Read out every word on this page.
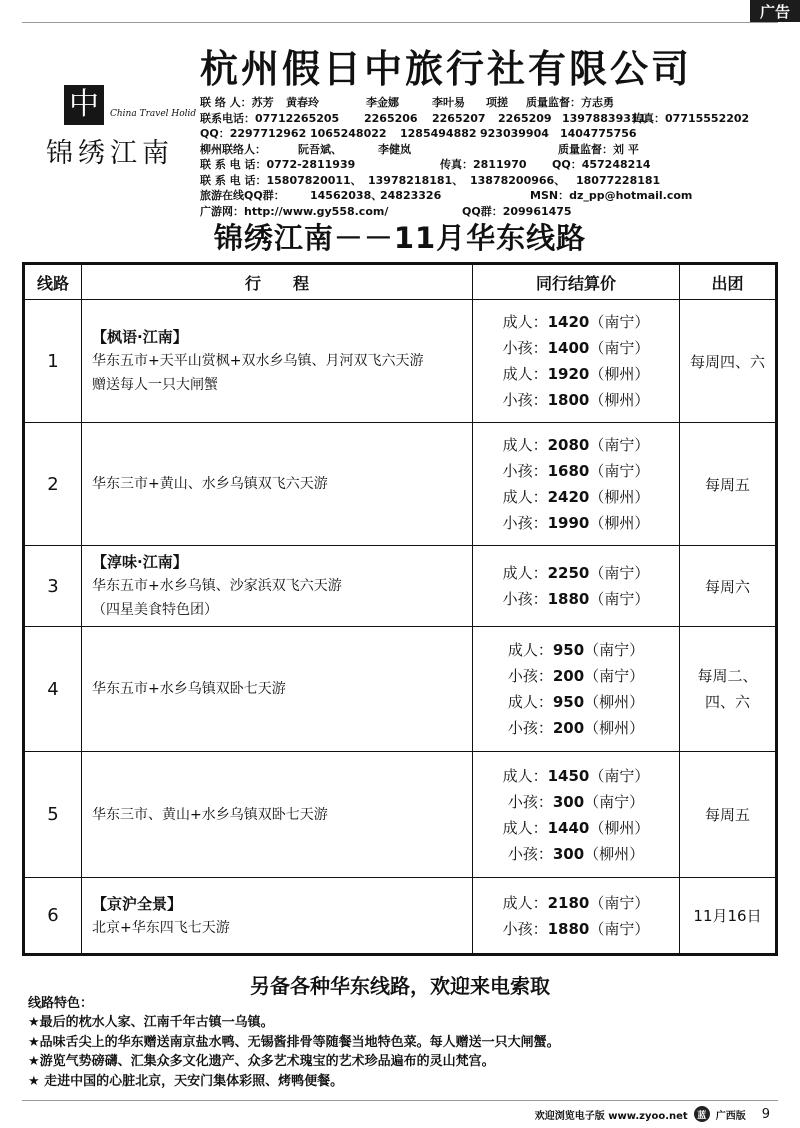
广告
中	China Travel Holid
锦绣江南
杭州假日中旅行社有限公司
联 络 人：苏芳 黄春玲	李金娜	李叶易 项搓 质量监督：方志勇
联系电话：07712265205 2265206 2265207 2265209 13978839311
传真：07715552202
QQ：2297712962 1065248022 1285494882 923039904 1404775756
柳州联络人：	阮吾斌、	李健岚	质量监督：刘 平
联 系 电 话：0772-2811939	传真：2811970 QQ：457248214
联 系 电 话：15807820011、 13978218181、 13878200966、 18077228181
旅游在线QQ群： 14562038、
24823326	MSN：dz_pp@hotmail.com
广游网：http://www.gy558.com/	QQ群：209961475
锦绣江南－－11月华东线路
线路	行　　程	同行结算价	出团
1	【枫语·江南】
华东五市+天平山赏枫+双水乡乌镇、月河双飞六天游
赠送每人一只大闸蟹	成人：1420（南宁）
小孩：1400（南宁）
成人：1920（柳州）
小孩：1800（柳州）	每周四、六
2	华东三市+黄山、水乡乌镇双飞六天游	成人：2080（南宁）
小孩：1680（南宁）
成人：2420（柳州）
小孩：1990（柳州）	每周五
3	【淳味·江南】
华东五市+水乡乌镇、沙家浜双飞六天游
（四星美食特色团）	成人：2250（南宁）
小孩：1880（南宁）	每周六
4	华东五市+水乡乌镇双卧七天游	成人：950（南宁）
小孩：200（南宁）
成人：950（柳州）
小孩：200（柳州）	每周二、四、六
5	华东三市、黄山+水乡乌镇双卧七天游	成人：1450（南宁）
小孩：300（南宁）
成人：1440（柳州）
小孩：300（柳州）	每周五
6	【京沪全景】
北京+华东四飞七天游	成人：2180（南宁）
小孩：1880（南宁）	11月16日
另备各种华东线路，欢迎来电索取
线路特色：
★最后的枕水人家、江南千年古镇一乌镇。
★品味舌尖上的华东赠送南京盐水鸭、无锡酱排骨等随餐当地特色菜。每人赠送一只大闸蟹。
★游览气势磅礴、汇集众多文化遗产、众多艺术瑰宝的艺术珍品遍布的灵山梵宫。
★ 走进中国的心脏北京，天安门集体彩照、烤鸭便餐。
欢迎浏览电子版 www.zyoo.net	蓝 广西版 9
